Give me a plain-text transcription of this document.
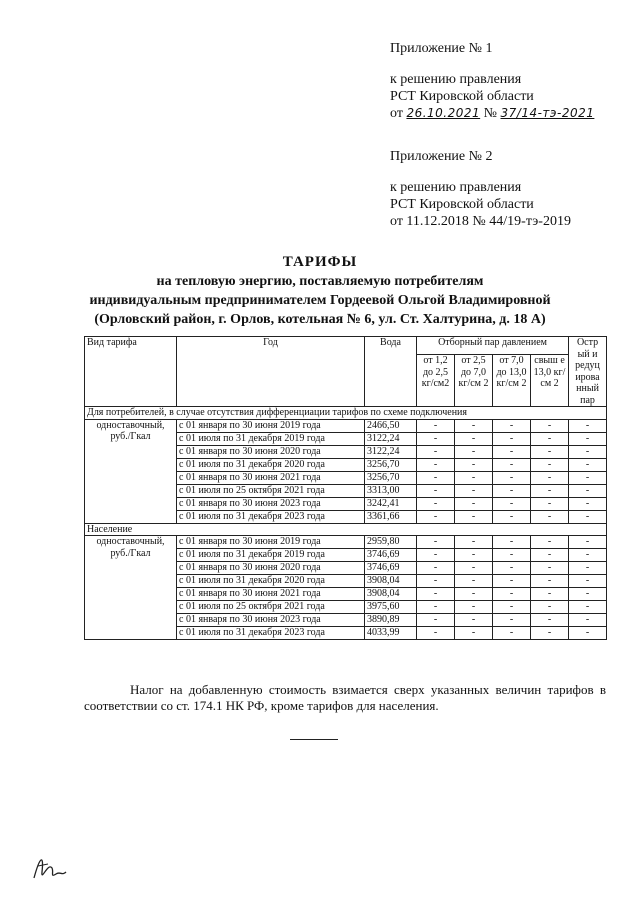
Приложение № 1
к решению правления
РСТ Кировской области
от 26.10.2021 № 37/14-тэ-2021
Приложение № 2
к решению правления
РСТ Кировской области
от 11.12.2018 № 44/19-тэ-2019
ТАРИФЫ
на тепловую энергию, поставляемую потребителям
индивидуальным предпринимателем Гордеевой Ольгой Владимировной
(Орловский район, г. Орлов, котельная № 6, ул. Ст. Халтурина, д. 18 А)
Вид тарифа	Год	Вода	Отборный пар давлением				Остр ый и редуц ирова нный пар
			от 1,2 до 2,5 кг/см2	от 2,5 до 7,0 кг/см 2	от 7,0 до 13,0 кг/см 2	свыш е 13,0 кг/см 2	
Для потребителей, в случае отсутствия дифференциации тарифов по схеме подключения							
одноставочный, руб./Гкал	с 01 января по 30 июня 2019 года	2466,50	-	-	-	-	-
	с 01 июля по 31 декабря 2019 года	3122,24	-	-	-	-	-
	с 01 января по 30 июня 2020 года	3122,24	-	-	-	-	-
	с 01 июля по 31 декабря 2020 года	3256,70	-	-	-	-	-
	с 01 января по 30 июня 2021 года	3256,70	-	-	-	-	-
	с 01 июля по 25 октября 2021 года	3313,00	-	-	-	-	-
	с 01 января по 30 июня 2023 года	3242,41	-	-	-	-	-
	с 01 июля по 31 декабря 2023 года	3361,66	-	-	-	-	-
Население							
одноставочный, руб./Гкал	с 01 января по 30 июня 2019 года	2959,80	-	-	-	-	-
	с 01 июля по 31 декабря 2019 года	3746,69	-	-	-	-	-
	с 01 января по 30 июня 2020 года	3746,69	-	-	-	-	-
	с 01 июля по 31 декабря 2020 года	3908,04	-	-	-	-	-
	с 01 января по 30 июня 2021 года	3908,04	-	-	-	-	-
	с 01 июля по 25 октября 2021 года	3975,60	-	-	-	-	-
	с 01 января по 30 июня 2023 года	3890,89	-	-	-	-	-
	с 01 июля по 31 декабря 2023 года	4033,99	-	-	-	-	-
Налог на добавленную стоимость взимается сверх указанных величин тарифов в соответствии со ст. 174.1 НК РФ, кроме тарифов для населения.
